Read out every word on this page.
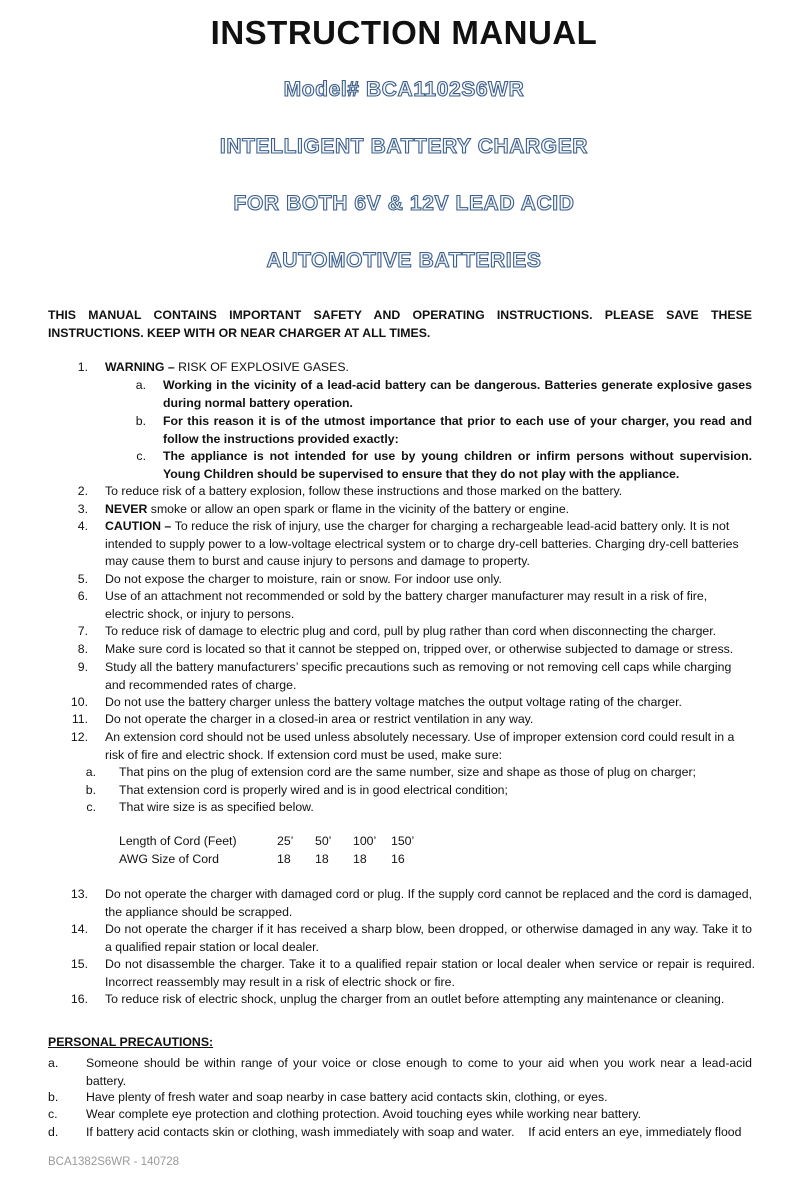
INSTRUCTION MANUAL
Model# BCA1102S6WR
INTELLIGENT BATTERY CHARGER
FOR BOTH 6V & 12V LEAD ACID
AUTOMOTIVE BATTERIES
THIS MANUAL CONTAINS IMPORTANT SAFETY AND OPERATING INSTRUCTIONS. PLEASE SAVE THESE INSTRUCTIONS. KEEP WITH OR NEAR CHARGER AT ALL TIMES.
1. WARNING – RISK OF EXPLOSIVE GASES.
a. Working in the vicinity of a lead-acid battery can be dangerous. Batteries generate explosive gases during normal battery operation.
b. For this reason it is of the utmost importance that prior to each use of your charger, you read and follow the instructions provided exactly:
c. The appliance is not intended for use by young children or infirm persons without supervision. Young Children should be supervised to ensure that they do not play with the appliance.
2. To reduce risk of a battery explosion, follow these instructions and those marked on the battery.
3. NEVER smoke or allow an open spark or flame in the vicinity of the battery or engine.
4. CAUTION – To reduce the risk of injury, use the charger for charging a rechargeable lead-acid battery only. It is not intended to supply power to a low-voltage electrical system or to charge dry-cell batteries. Charging dry-cell batteries may cause them to burst and cause injury to persons and damage to property.
5. Do not expose the charger to moisture, rain or snow. For indoor use only.
6. Use of an attachment not recommended or sold by the battery charger manufacturer may result in a risk of fire, electric shock, or injury to persons.
7. To reduce risk of damage to electric plug and cord, pull by plug rather than cord when disconnecting the charger.
8. Make sure cord is located so that it cannot be stepped on, tripped over, or otherwise subjected to damage or stress.
9. Study all the battery manufacturers’ specific precautions such as removing or not removing cell caps while charging and recommended rates of charge.
10. Do not use the battery charger unless the battery voltage matches the output voltage rating of the charger.
11. Do not operate the charger in a closed-in area or restrict ventilation in any way.
12. An extension cord should not be used unless absolutely necessary. Use of improper extension cord could result in a risk of fire and electric shock. If extension cord must be used, make sure:
a. That pins on the plug of extension cord are the same number, size and shape as those of plug on charger;
b. That extension cord is properly wired and is in good electrical condition;
c. That wire size is as specified below.
Length of Cord (Feet)	25’	50’	100’	150’
AWG Size of Cord	18	18	18	16
13. Do not operate the charger with damaged cord or plug. If the supply cord cannot be replaced and the cord is damaged, the appliance should be scrapped.
14. Do not operate the charger if it has received a sharp blow, been dropped, or otherwise damaged in any way. Take it to a qualified repair station or local dealer.
15. Do not disassemble the charger. Take it to a qualified repair station or local dealer when service or repair is required. Incorrect reassembly may result in a risk of electric shock or fire.
16. To reduce risk of electric shock, unplug the charger from an outlet before attempting any maintenance or cleaning.
PERSONAL PRECAUTIONS:
a. Someone should be within range of your voice or close enough to come to your aid when you work near a lead-acid battery.
b. Have plenty of fresh water and soap nearby in case battery acid contacts skin, clothing, or eyes.
c. Wear complete eye protection and clothing protection. Avoid touching eyes while working near battery.
d. If battery acid contacts skin or clothing, wash immediately with soap and water.    If acid enters an eye, immediately flood
BCA1382S6WR - 140728
